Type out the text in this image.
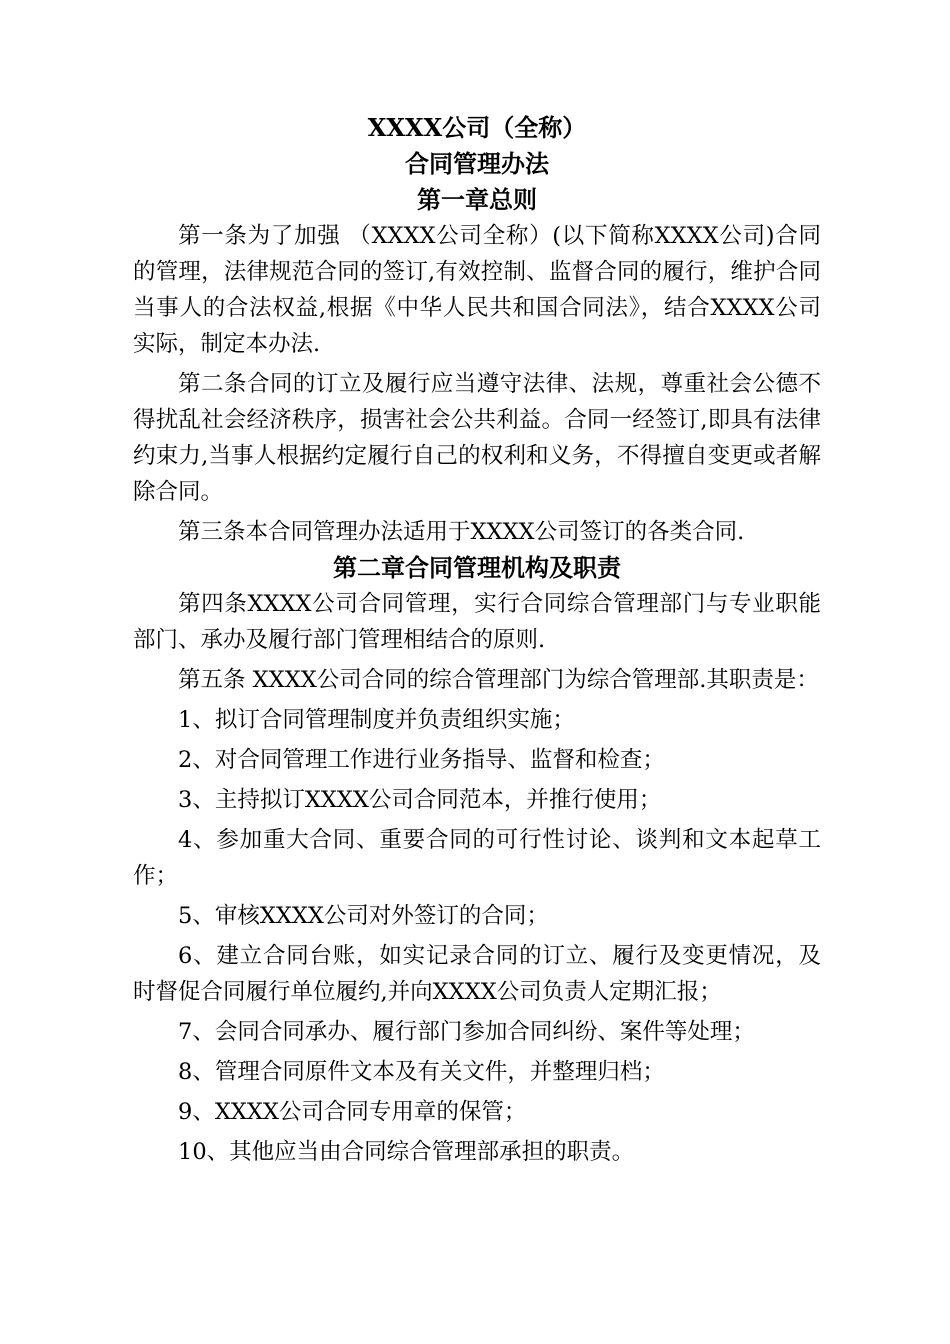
XXXX公司（全称）
合同管理办法
第一章总则

第一条为了加强 （XXXX公司全称）(以下简称XXXX公司)合同的管理，法律规范合同的签订,有效控制、监督合同的履行，维护合同当事人的合法权益,根据《中华人民共和国合同法》，结合XXXX公司实际，制定本办法.

第二条合同的订立及履行应当遵守法律、法规，尊重社会公德不得扰乱社会经济秩序，损害社会公共利益。合同一经签订,即具有法律约束力,当事人根据约定履行自己的权利和义务，不得擅自变更或者解除合同。

第三条本合同管理办法适用于XXXX公司签订的各类合同.

第二章合同管理机构及职责

第四条XXXX公司合同管理，实行合同综合管理部门与专业职能部门、承办及履行部门管理相结合的原则.

第五条 XXXX公司合同的综合管理部门为综合管理部.其职责是：

1、拟订合同管理制度并负责组织实施；

2、对合同管理工作进行业务指导、监督和检查；

3、主持拟订XXXX公司合同范本，并推行使用；

4、参加重大合同、重要合同的可行性讨论、谈判和文本起草工作；

5、审核XXXX公司对外签订的合同；

6、建立合同台账，如实记录合同的订立、履行及变更情况，及时督促合同履行单位履约,并向XXXX公司负责人定期汇报；

7、会同合同承办、履行部门参加合同纠纷、案件等处理；

8、管理合同原件文本及有关文件，并整理归档；

9、XXXX公司合同专用章的保管；

10、其他应当由合同综合管理部承担的职责。
